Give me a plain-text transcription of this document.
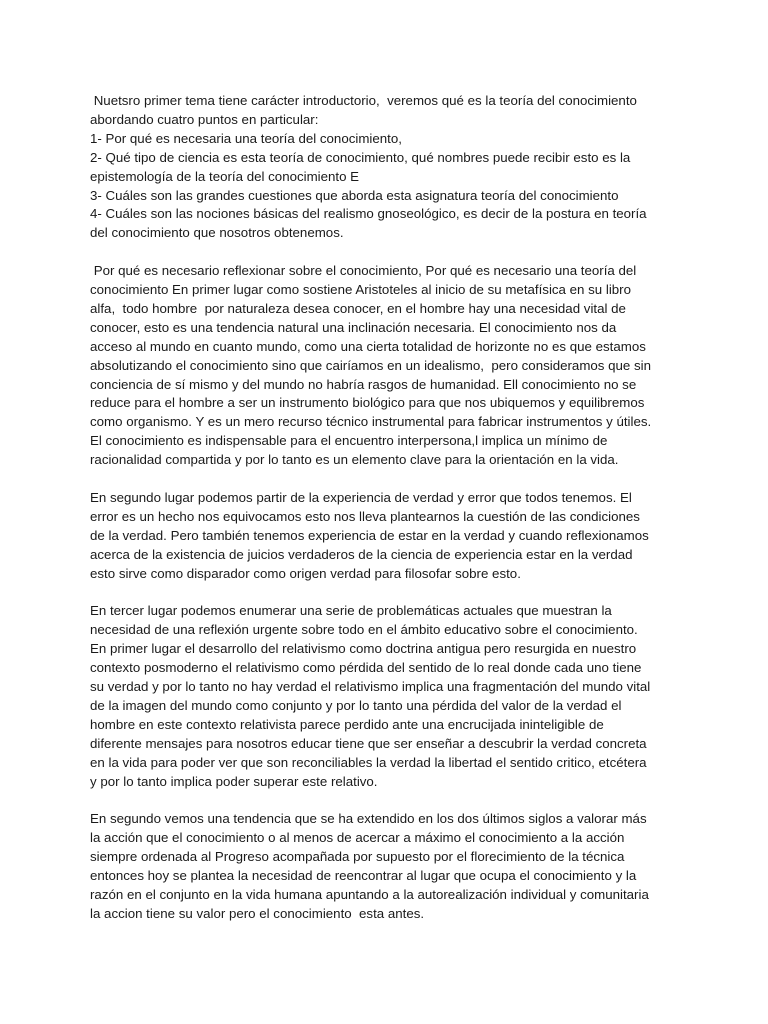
Nuetsro primer tema tiene carácter introductorio,  veremos qué es la teoría del conocimiento
abordando cuatro puntos en particular:
1- Por qué es necesaria una teoría del conocimiento,
2- Qué tipo de ciencia es esta teoría de conocimiento, qué nombres puede recibir esto es la
epistemología de la teoría del conocimiento E
3- Cuáles son las grandes cuestiones que aborda esta asignatura teoría del conocimiento
4- Cuáles son las nociones básicas del realismo gnoseológico, es decir de la postura en teoría
del conocimiento que nosotros obtenemos.

Por qué es necesario reflexionar sobre el conocimiento, Por qué es necesario una teoría del
conocimiento En primer lugar como sostiene Aristoteles al inicio de su metafísica en su libro
alfa,  todo hombre  por naturaleza desea conocer, en el hombre hay una necesidad vital de
conocer, esto es una tendencia natural una inclinación necesaria. El conocimiento nos da
acceso al mundo en cuanto mundo, como una cierta totalidad de horizonte no es que estamos
absolutizando el conocimiento sino que cairíamos en un idealismo,  pero consideramos que sin
conciencia de sí mismo y del mundo no habría rasgos de humanidad. Ell conocimiento no se
reduce para el hombre a ser un instrumento biológico para que nos ubiquemos y equilibremos
como organismo. Y es un mero recurso técnico instrumental para fabricar instrumentos y útiles.
El conocimiento es indispensable para el encuentro interpersona,l implica un mínimo de
racionalidad compartida y por lo tanto es un elemento clave para la orientación en la vida.

En segundo lugar podemos partir de la experiencia de verdad y error que todos tenemos. El
error es un hecho nos equivocamos esto nos lleva plantearnos la cuestión de las condiciones
de la verdad. Pero también tenemos experiencia de estar en la verdad y cuando reflexionamos
acerca de la existencia de juicios verdaderos de la ciencia de experiencia estar en la verdad
esto sirve como disparador como origen verdad para filosofar sobre esto.

En tercer lugar podemos enumerar una serie de problemáticas actuales que muestran la
necesidad de una reflexión urgente sobre todo en el ámbito educativo sobre el conocimiento.
En primer lugar el desarrollo del relativismo como doctrina antigua pero resurgida en nuestro
contexto posmoderno el relativismo como pérdida del sentido de lo real donde cada uno tiene
su verdad y por lo tanto no hay verdad el relativismo implica una fragmentación del mundo vital
de la imagen del mundo como conjunto y por lo tanto una pérdida del valor de la verdad el
hombre en este contexto relativista parece perdido ante una encrucijada ininteligible de
diferente mensajes para nosotros educar tiene que ser enseñar a descubrir la verdad concreta
en la vida para poder ver que son reconciliables la verdad la libertad el sentido critico, etcétera
y por lo tanto implica poder superar este relativo.

En segundo vemos una tendencia que se ha extendido en los dos últimos siglos a valorar más
la acción que el conocimiento o al menos de acercar a máximo el conocimiento a la acción
siempre ordenada al Progreso acompañada por supuesto por el florecimiento de la técnica
entonces hoy se plantea la necesidad de reencontrar al lugar que ocupa el conocimiento y la
razón en el conjunto en la vida humana apuntando a la autorealización individual y comunitaria
la accion tiene su valor pero el conocimiento  esta antes.
